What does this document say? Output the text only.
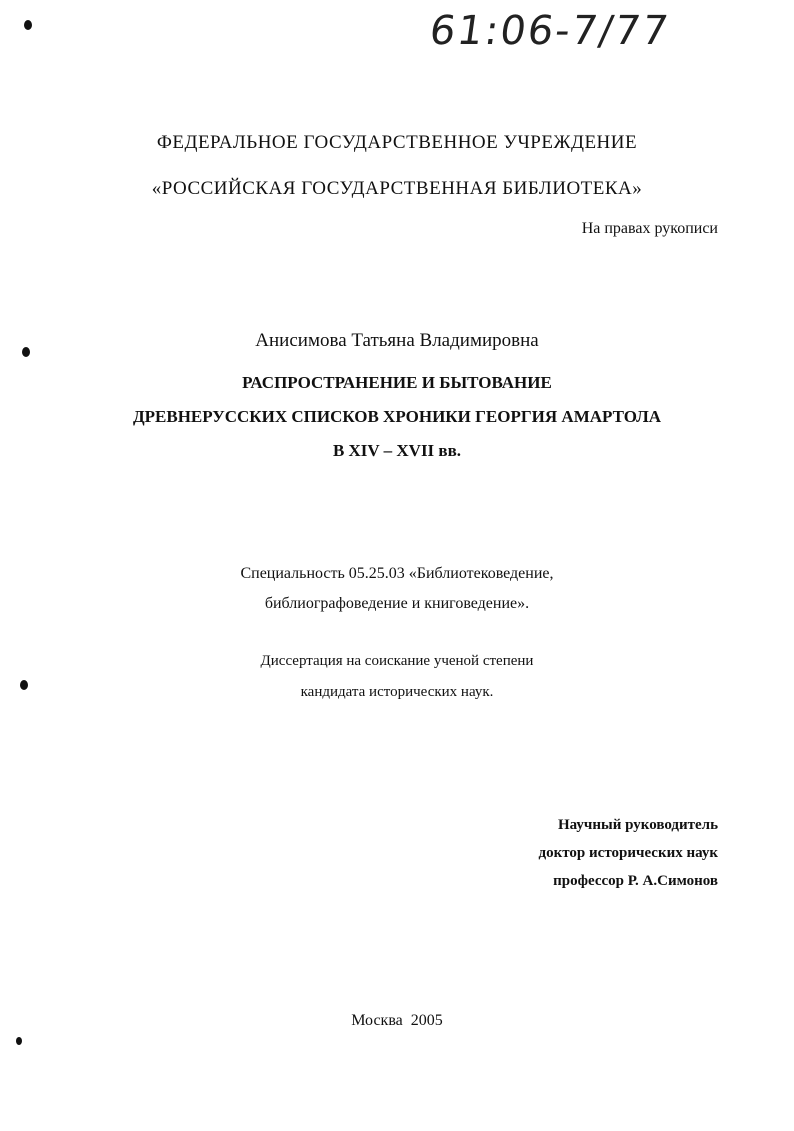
61:06-7/77
ФЕДЕРАЛЬНОЕ ГОСУДАРСТВЕННОЕ УЧРЕЖДЕНИЕ
«РОССИЙСКАЯ ГОСУДАРСТВЕННАЯ БИБЛИОТЕКА»
На правах рукописи
Анисимова Татьяна Владимировна
РАСПРОСТРАНЕНИЕ И БЫТОВАНИЕ
ДРЕВНЕРУССКИХ СПИСКОВ ХРОНИКИ ГЕОРГИЯ АМАРТОЛА
В XIV – XVII вв.
Специальность 05.25.03 «Библиотековедение,
библиографоведение и книговедение».
Диссертация на соискание ученой степени
кандидата исторических наук.
Научный руководитель
доктор исторических наук
профессор Р. А.Симонов
Москва  2005
